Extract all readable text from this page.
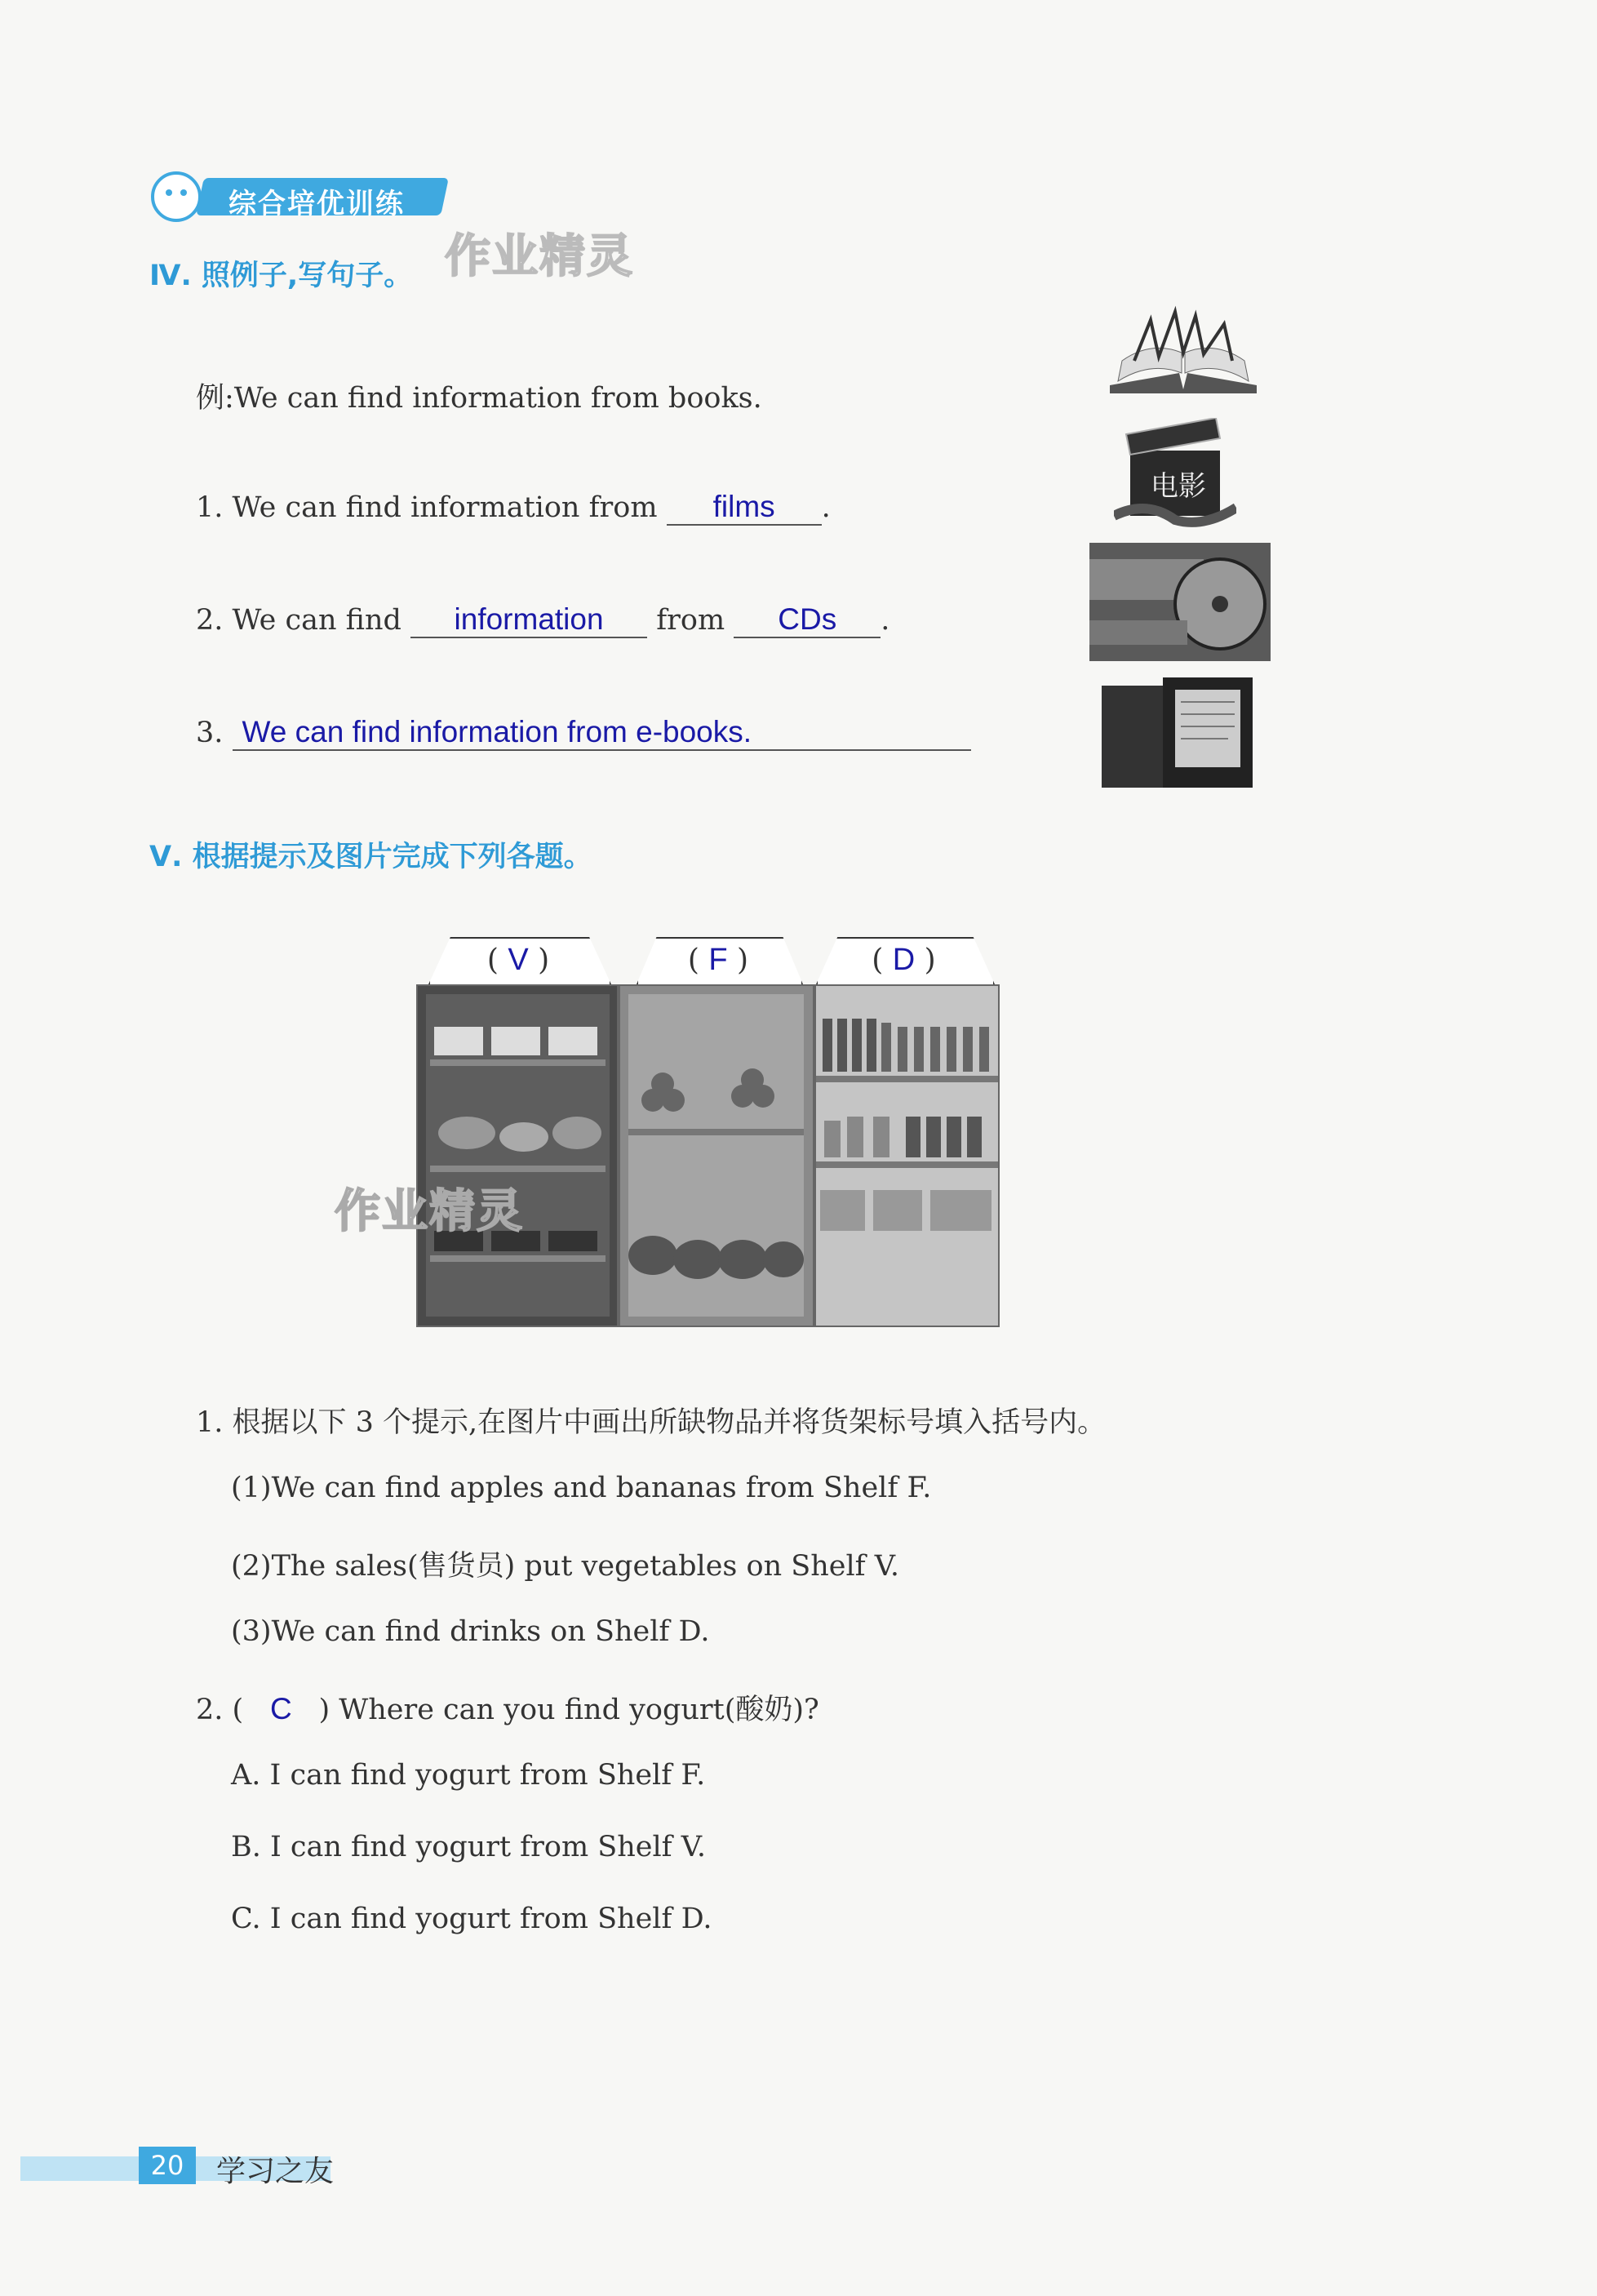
综合培优训练
Ⅳ. 照例子,写句子。 作业精灵
例:We can find information from books.
1. We can find information from films .
2. We can find information from CDs .
3. We can find information from e-books.
电影
Ⅴ. 根据提示及图片完成下列各题。
( V )	( F )	( D )
作业精灵
1. 根据以下 3 个提示,在图片中画出所缺物品并将货架标号填入括号内。
(1)We can find apples and bananas from Shelf F.
(2)The sales(售货员) put vegetables on Shelf V.
(3)We can find drinks on Shelf D.
2. ( C ) Where can you find yogurt(酸奶)?
A. I can find yogurt from Shelf F.
B. I can find yogurt from Shelf V.
C. I can find yogurt from Shelf D.
20	学习之友
